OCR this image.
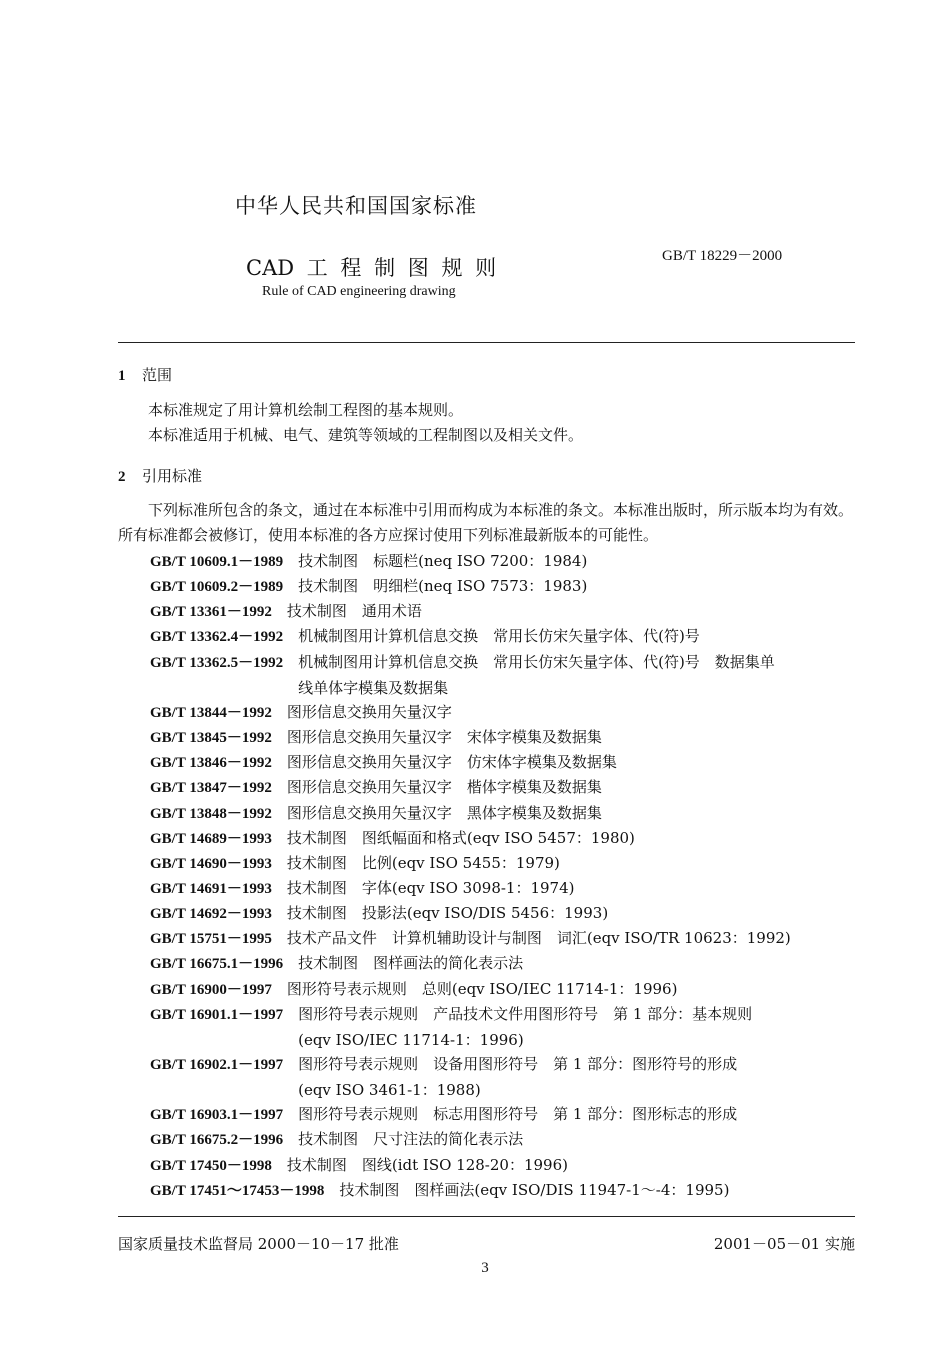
中华人民共和国国家标准
CAD 工 程 制 图 规 则
Rule of CAD engineering drawing
GB/T 18229－2000
1 范围
本标准规定了用计算机绘制工程图的基本规则。
本标准适用于机械、电气、建筑等领域的工程制图以及相关文件。
2 引用标准
下列标准所包含的条文，通过在本标准中引用而构成为本标准的条文。本标准出版时，所示版本均为有效。所有标准都会被修订，使用本标准的各方应探讨使用下列标准最新版本的可能性。
GB/T 10609.1－1989　 技术制图　标题栏(neq ISO 7200：1984)
GB/T 10609.2－1989　 技术制图　明细栏(neq ISO 7573：1983)
GB/T 13361－1992　 技术制图　通用术语
GB/T 13362.4－1992　 机械制图用计算机信息交换　常用长仿宋矢量字体、代(符)号
GB/T 13362.5－1992　 机械制图用计算机信息交换　常用长仿宋矢量字体、代(符)号　数据集单
线单体字模集及数据集
GB/T 13844－1992　 图形信息交换用矢量汉字
GB/T 13845－1992　 图形信息交换用矢量汉字　宋体字模集及数据集
GB/T 13846－1992　 图形信息交换用矢量汉字　仿宋体字模集及数据集
GB/T 13847－1992　 图形信息交换用矢量汉字　楷体字模集及数据集
GB/T 13848－1992　 图形信息交换用矢量汉字　黑体字模集及数据集
GB/T 14689－1993　 技术制图　图纸幅面和格式(eqv ISO 5457：1980)
GB/T 14690－1993　 技术制图　比例(eqv ISO 5455：1979)
GB/T 14691－1993　 技术制图　字体(eqv ISO 3098-1：1974)
GB/T 14692－1993　 技术制图　投影法(eqv ISO/DIS 5456：1993)
GB/T 15751－1995　 技术产品文件　计算机辅助设计与制图　词汇(eqv ISO/TR 10623：1992)
GB/T 16675.1－1996　 技术制图　图样画法的简化表示法
GB/T 16900－1997　 图形符号表示规则　总则(eqv ISO/IEC 11714-1：1996)
GB/T 16901.1－1997　 图形符号表示规则　产品技术文件用图形符号　第 1 部分：基本规则
(eqv ISO/IEC 11714-1：1996)
GB/T 16902.1－1997　 图形符号表示规则　设备用图形符号　第 1 部分：图形符号的形成
(eqv ISO 3461-1：1988)
GB/T 16903.1－1997　 图形符号表示规则　标志用图形符号　第 1 部分：图形标志的形成
GB/T 16675.2－1996　 技术制图　尺寸注法的简化表示法
GB/T 17450－1998　 技术制图　图线(idt ISO 128-20：1996)
GB/T 17451～17453－1998　 技术制图　图样画法(eqv ISO/DIS 11947-1～-4：1995)
国家质量技术监督局 2000－10－17 批准	2001－05－01 实施
3
